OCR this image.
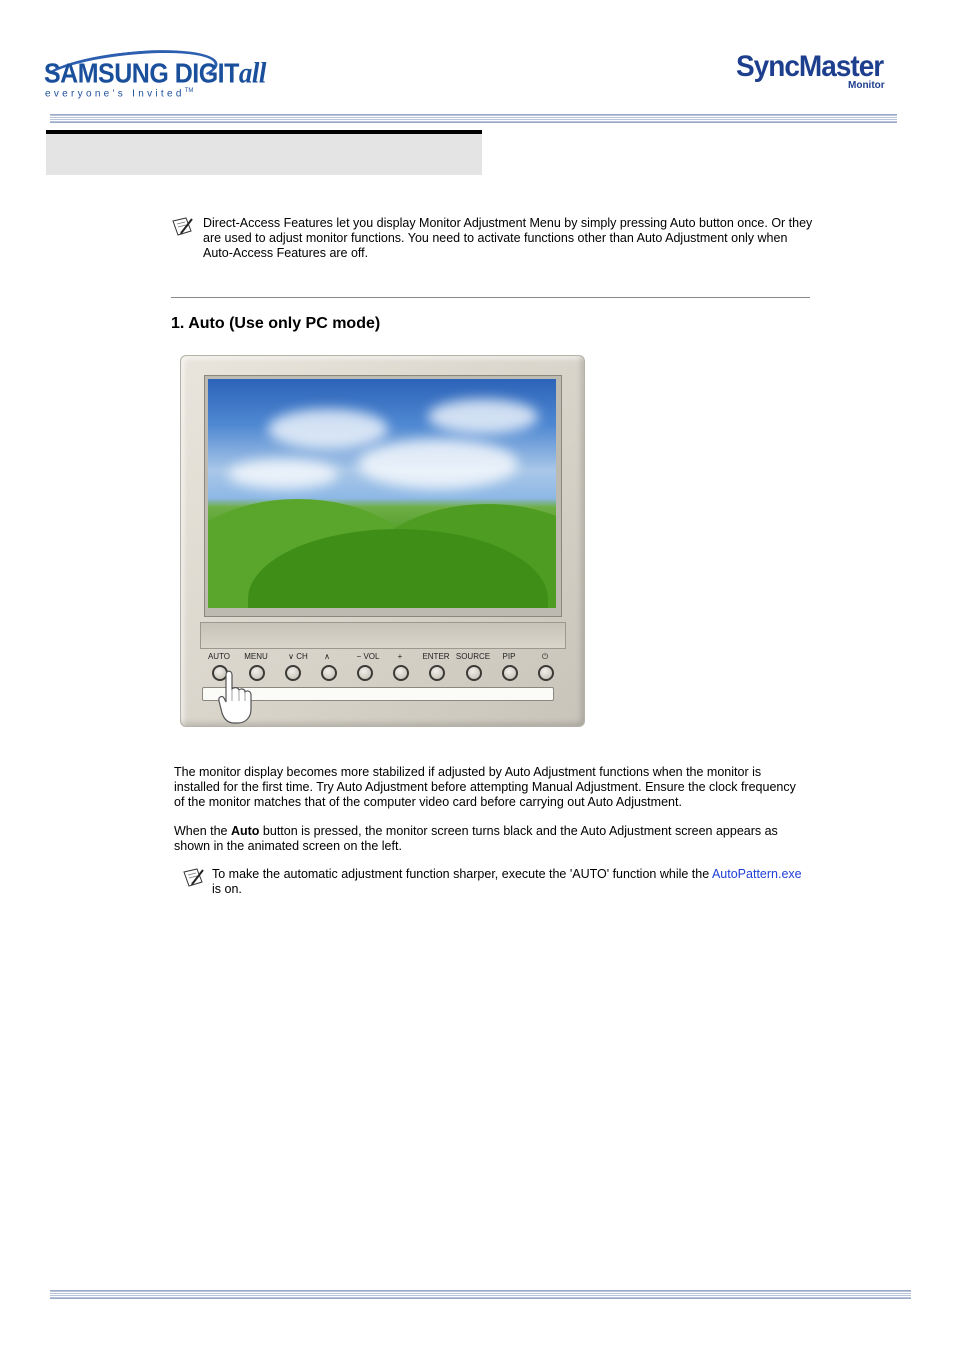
SAMSUNG DIGITall
everyone's Invited™
SyncMaster
Monitor
Direct-Access Features let you display Monitor Adjustment Menu by simply pressing Auto button once. Or they are used to adjust monitor functions. You need to activate functions other than Auto Adjustment only when Auto-Access Features are off.
1. Auto (Use only PC mode)
AUTO	MENU	∨ CH	∧	− VOL	+	ENTER SOURCE	PIP	⏻
The monitor display becomes more stabilized if adjusted by Auto Adjustment functions when the monitor is installed for the first time. Try Auto Adjustment before attempting Manual Adjustment. Ensure the clock frequency of the monitor matches that of the computer video card before carrying out Auto Adjustment.
When the Auto button is pressed, the monitor screen turns black and the Auto Adjustment screen appears as shown in the animated screen on the left.
To make the automatic adjustment function sharper, execute the 'AUTO' function while the AutoPattern.exe is on.
